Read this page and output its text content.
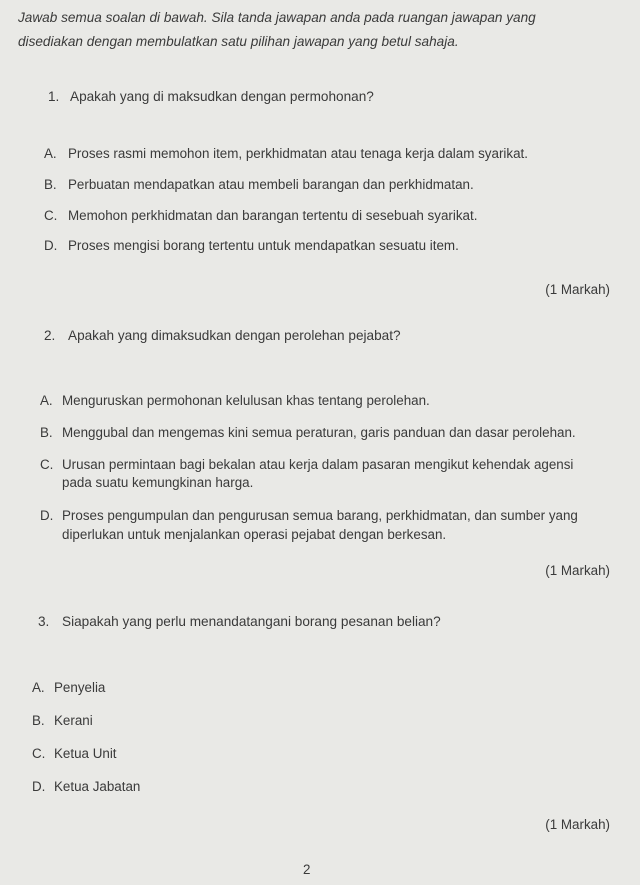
Jawab semua soalan di bawah. Sila tanda jawapan anda pada ruangan jawapan yang
disediakan dengan membulatkan satu pilihan jawapan yang betul sahaja.
1. Apakah yang di maksudkan dengan permohonan?
A. Proses rasmi memohon item, perkhidmatan atau tenaga kerja dalam syarikat.
B. Perbuatan mendapatkan atau membeli barangan dan perkhidmatan.
C. Memohon perkhidmatan dan barangan tertentu di sesebuah syarikat.
D. Proses mengisi borang tertentu untuk mendapatkan sesuatu item.
(1 Markah)
2. Apakah yang dimaksudkan dengan perolehan pejabat?
A. Menguruskan permohonan kelulusan khas tentang perolehan.
B. Menggubal dan mengemas kini semua peraturan, garis panduan dan dasar perolehan.
C. Urusan permintaan bagi bekalan atau kerja dalam pasaran mengikut kehendak agensi
pada suatu kemungkinan harga.
D. Proses pengumpulan dan pengurusan semua barang, perkhidmatan, dan sumber yang
diperlukan untuk menjalankan operasi pejabat dengan berkesan.
(1 Markah)
3. Siapakah yang perlu menandatangani borang pesanan belian?
A. Penyelia
B. Kerani
C. Ketua Unit
D. Ketua Jabatan
(1 Markah)
2
